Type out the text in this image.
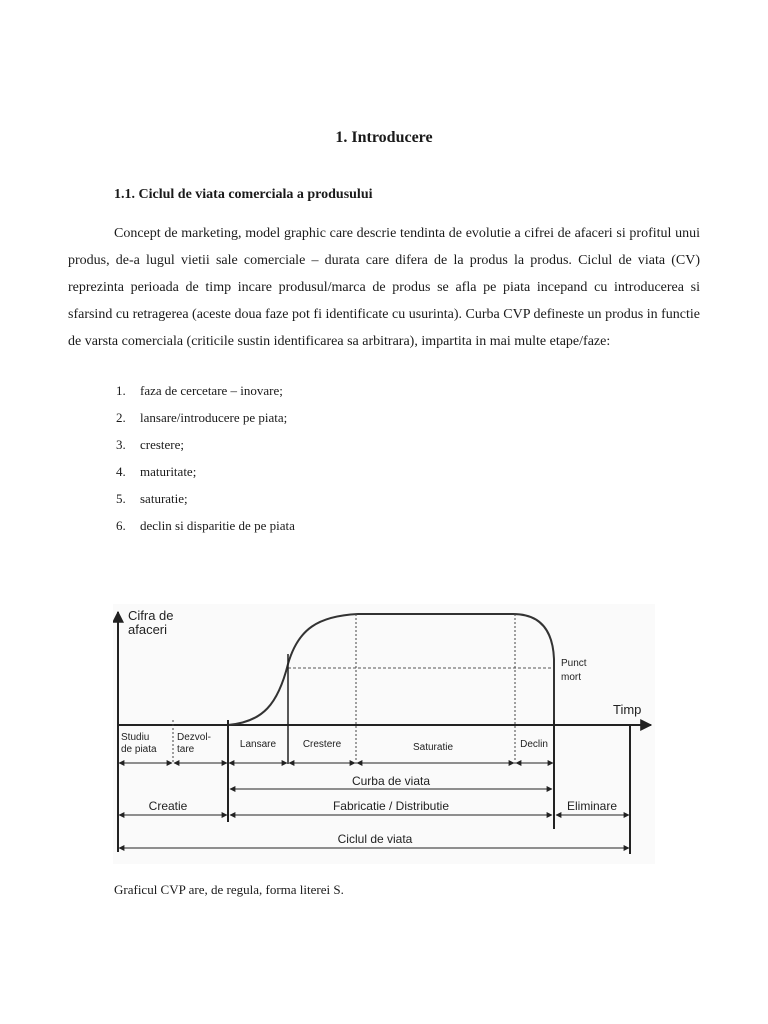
1. Introducere
1.1. Ciclul de viata comerciala a produsului

Concept de marketing, model graphic care descrie tendinta de evolutie a cifrei de afaceri si profitul unui produs, de-a lugul vietii sale comerciale – durata care difera de la produs la produs. Ciclul de viata (CV) reprezinta perioada de timp incare produsul/marca de produs se afla pe piata incepand cu introducerea si sfarsind cu retragerea (aceste doua faze pot fi identificate cu usurinta). Curba CVP defineste un produs in functie de varsta comerciala (criticile sustin identificarea sa arbitrara), impartita in mai multe etape/faze:

1. faza de cercetare – inovare;
2. lansare/introducere pe piata;
3. crestere;
4. maturitate;
5. saturatie;
6. declin si disparitie de pe piata
Cifra de
afaceri
Timp
Punct
mort
Studiu
de piata
Dezvol-
tare	Lansare	Crestere	Saturatie	Declin
Curba de viata
Creatie	Fabricatie / Distributie	Eliminare
Ciclul de viata

Graficul CVP are, de regula, forma literei S.
